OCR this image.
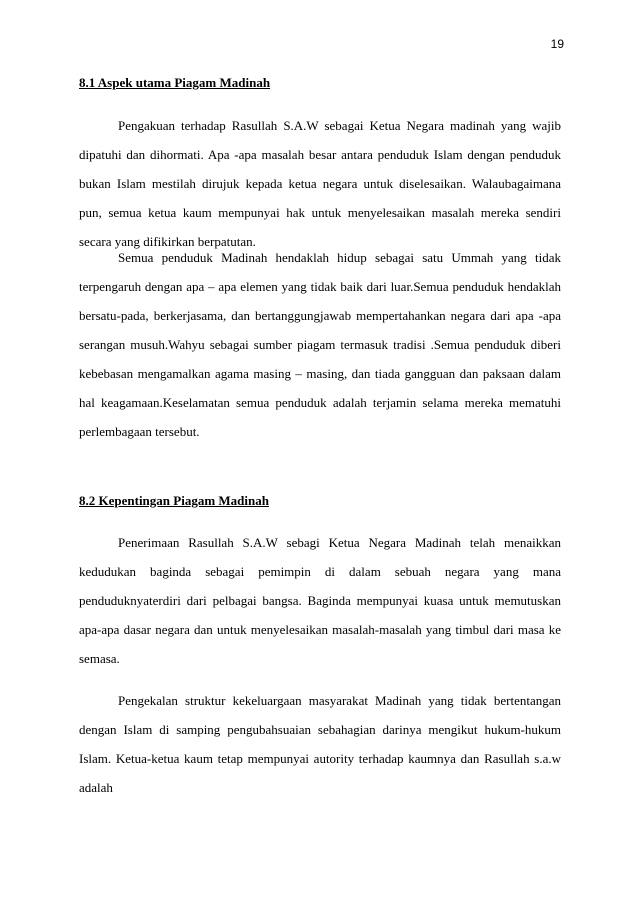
19
8.1 Aspek utama Piagam Madinah

Pengakuan terhadap Rasullah S.A.W sebagai Ketua Negara madinah yang wajib dipatuhi dan dihormati. Apa -apa masalah besar antara penduduk Islam dengan penduduk bukan Islam mestilah dirujuk kepada ketua negara untuk diselesaikan. Walaubagaimana pun, semua ketua kaum mempunyai hak untuk menyelesaikan masalah mereka sendiri secara yang difikirkan berpatutan.

Semua penduduk Madinah hendaklah hidup sebagai satu Ummah yang tidak terpengaruh dengan apa – apa elemen yang tidak baik dari luar.Semua penduduk hendaklah bersatu-pada, berkerjasama, dan bertanggungjawab mempertahankan negara dari apa -apa serangan musuh.Wahyu sebagai sumber piagam termasuk tradisi .Semua penduduk diberi kebebasan mengamalkan agama masing – masing, dan tiada gangguan dan paksaan dalam hal keagamaan.Keselamatan semua penduduk adalah terjamin selama mereka mematuhi perlembagaan tersebut.

8.2 Kepentingan Piagam Madinah

Penerimaan Rasullah S.A.W sebagi Ketua Negara Madinah telah menaikkan kedudukan baginda sebagai pemimpin di dalam sebuah negara yang mana penduduknyaterdiri dari pelbagai bangsa. Baginda mempunyai kuasa untuk memutuskan apa-apa dasar negara dan untuk menyelesaikan masalah-masalah yang timbul dari masa ke semasa.

Pengekalan struktur kekeluargaan masyarakat Madinah yang tidak bertentangan dengan Islam di samping pengubahsuaian sebahagian darinya mengikut hukum-hukum Islam. Ketua-ketua kaum tetap mempunyai autority terhadap kaumnya dan Rasullah s.a.w adalah
